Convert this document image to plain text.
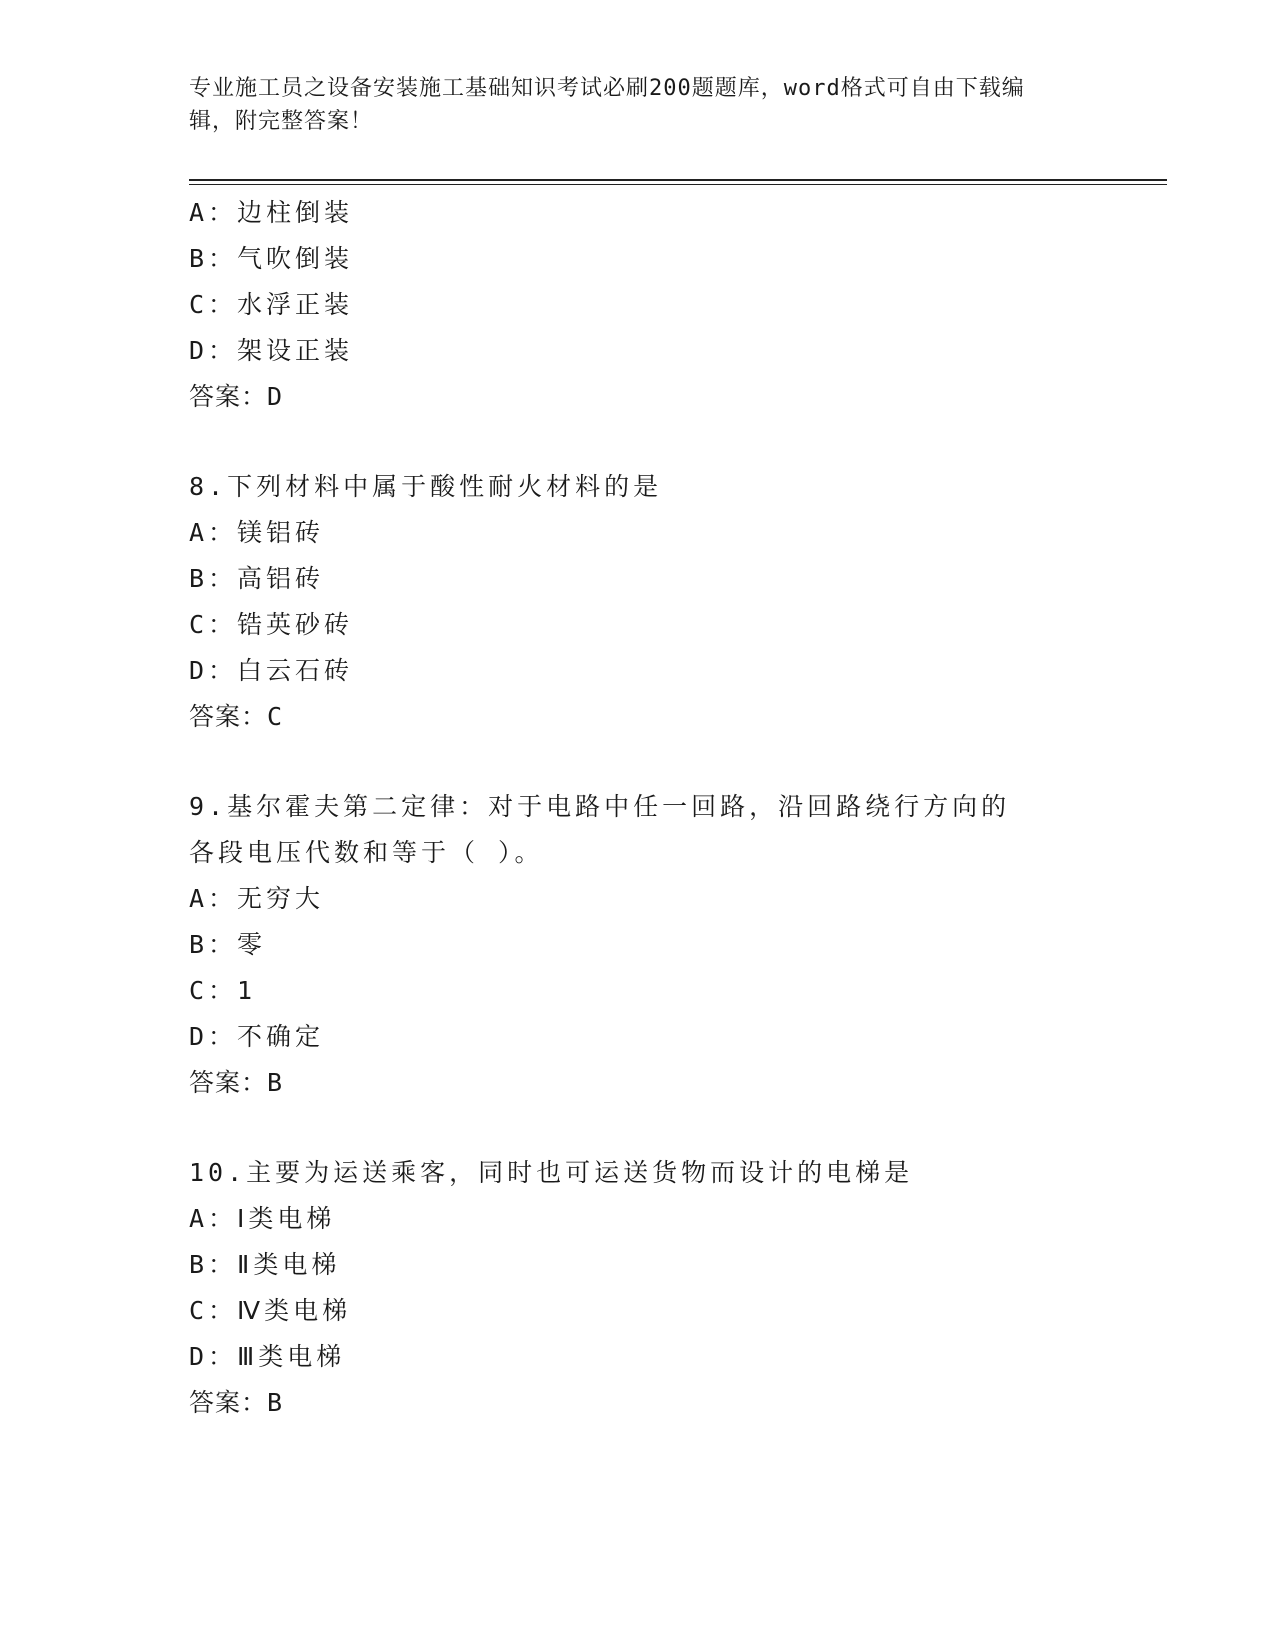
专业施工员之设备安装施工基础知识考试必刷200题题库，word格式可自由下载编辑，附完整答案！
A：边柱倒装
B：气吹倒装
C：水浮正装
D：架设正装
答案：D
8.下列材料中属于酸性耐火材料的是
A：镁铝砖
B：高铝砖
C：锆英砂砖
D：白云石砖
答案：C
9.基尔霍夫第二定律：对于电路中任一回路，沿回路绕行方向的各段电压代数和等于（ ）。
A：无穷大
B：零
C：1
D：不确定
答案：B
10.主要为运送乘客，同时也可运送货物而设计的电梯是
A：Ⅰ类电梯
B：Ⅱ类电梯
C：Ⅳ类电梯
D：Ⅲ类电梯
答案：B
